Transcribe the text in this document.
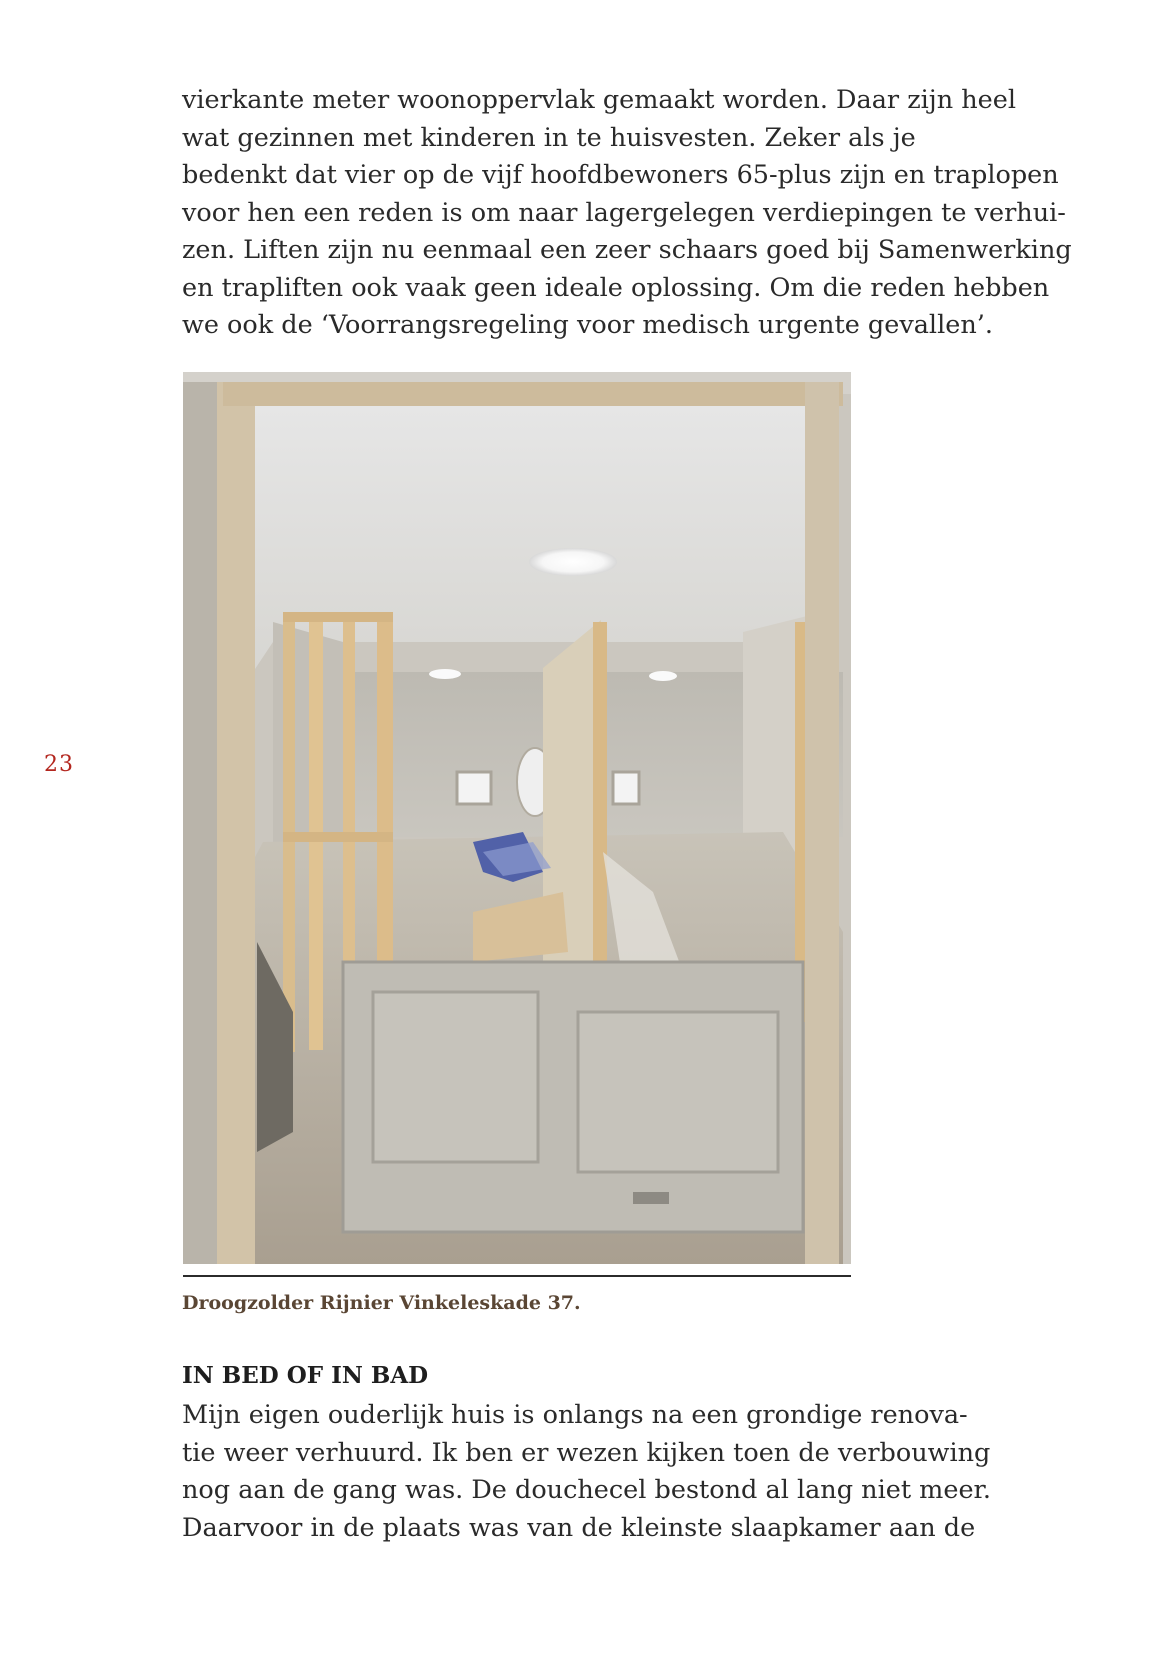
23

vierkante meter woonoppervlak gemaakt worden. Daar zijn heel
wat gezinnen met kinderen in te huisvesten. Zeker als je
bedenkt dat vier op de vijf hoofdbewoners 65-plus zijn en traplopen
voor hen een reden is om naar lagergelegen verdiepingen te verhui-
zen. Liften zijn nu eenmaal een zeer schaars goed bij Samenwerking
en trapliften ook vaak geen ideale oplossing. Om die reden hebben
we ook de ‘Voorrangsregeling voor medisch urgente gevallen’.

Droogzolder Rijnier Vinkeleskade 37.
IN BED OF IN BAD

Mijn eigen ouderlijk huis is onlangs na een grondige renova-
tie weer verhuurd. Ik ben er wezen kijken toen de verbouwing
nog aan de gang was. De douchecel bestond al lang niet meer.
Daarvoor in de plaats was van de kleinste slaapkamer aan de
